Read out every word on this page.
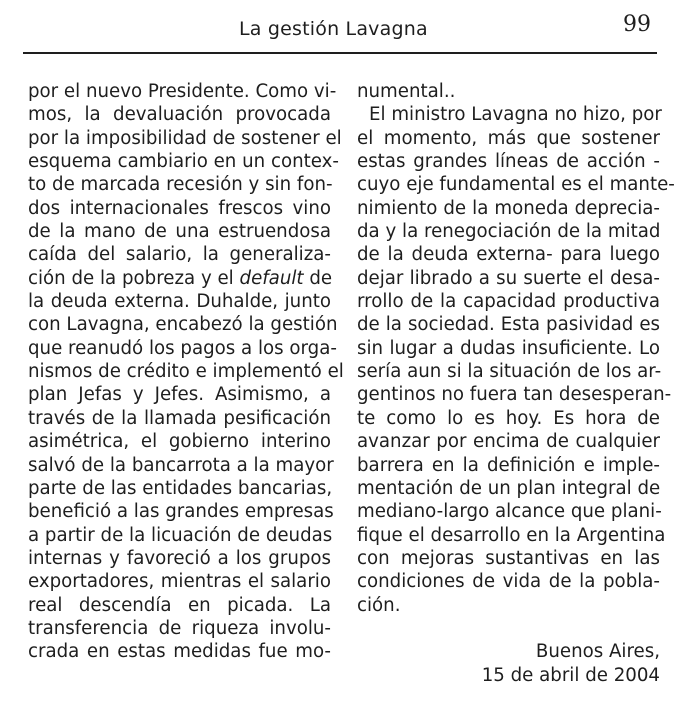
La gestión Lavagna	99
por el nuevo Presidente. Como vi-
mos, la devaluación provocada
por la imposibilidad de sostener el
esquema cambiario en un contex-
to de marcada recesión y sin fon-
dos internacionales frescos vino
de la mano de una estruendosa
caída del salario, la generaliza-
ción de la pobreza y el default de
la deuda externa. Duhalde, junto
con Lavagna, encabezó la gestión
que reanudó los pagos a los orga-
nismos de crédito e implementó el
plan Jefas y Jefes. Asimismo, a
través de la llamada pesificación
asimétrica, el gobierno interino
salvó de la bancarrota a la mayor
parte de las entidades bancarias,
benefició a las grandes empresas
a partir de la licuación de deudas
internas y favoreció a los grupos
exportadores, mientras el salario
real descendía en picada. La
transferencia de riqueza involu-
crada en estas medidas fue mo-
numental..
El ministro Lavagna no hizo, por
el momento, más que sostener
estas grandes líneas de acción -
cuyo eje fundamental es el mante-
nimiento de la moneda deprecia-
da y la renegociación de la mitad
de la deuda externa- para luego
dejar librado a su suerte el desa-
rrollo de la capacidad productiva
de la sociedad. Esta pasividad es
sin lugar a dudas insuficiente. Lo
sería aun si la situación de los ar-
gentinos no fuera tan desesperan-
te como lo es hoy. Es hora de
avanzar por encima de cualquier
barrera en la definición e imple-
mentación de un plan integral de
mediano-largo alcance que plani-
fique el desarrollo en la Argentina
con mejoras sustantivas en las
condiciones de vida de la pobla-
ción.
Buenos Aires,
15 de abril de 2004
